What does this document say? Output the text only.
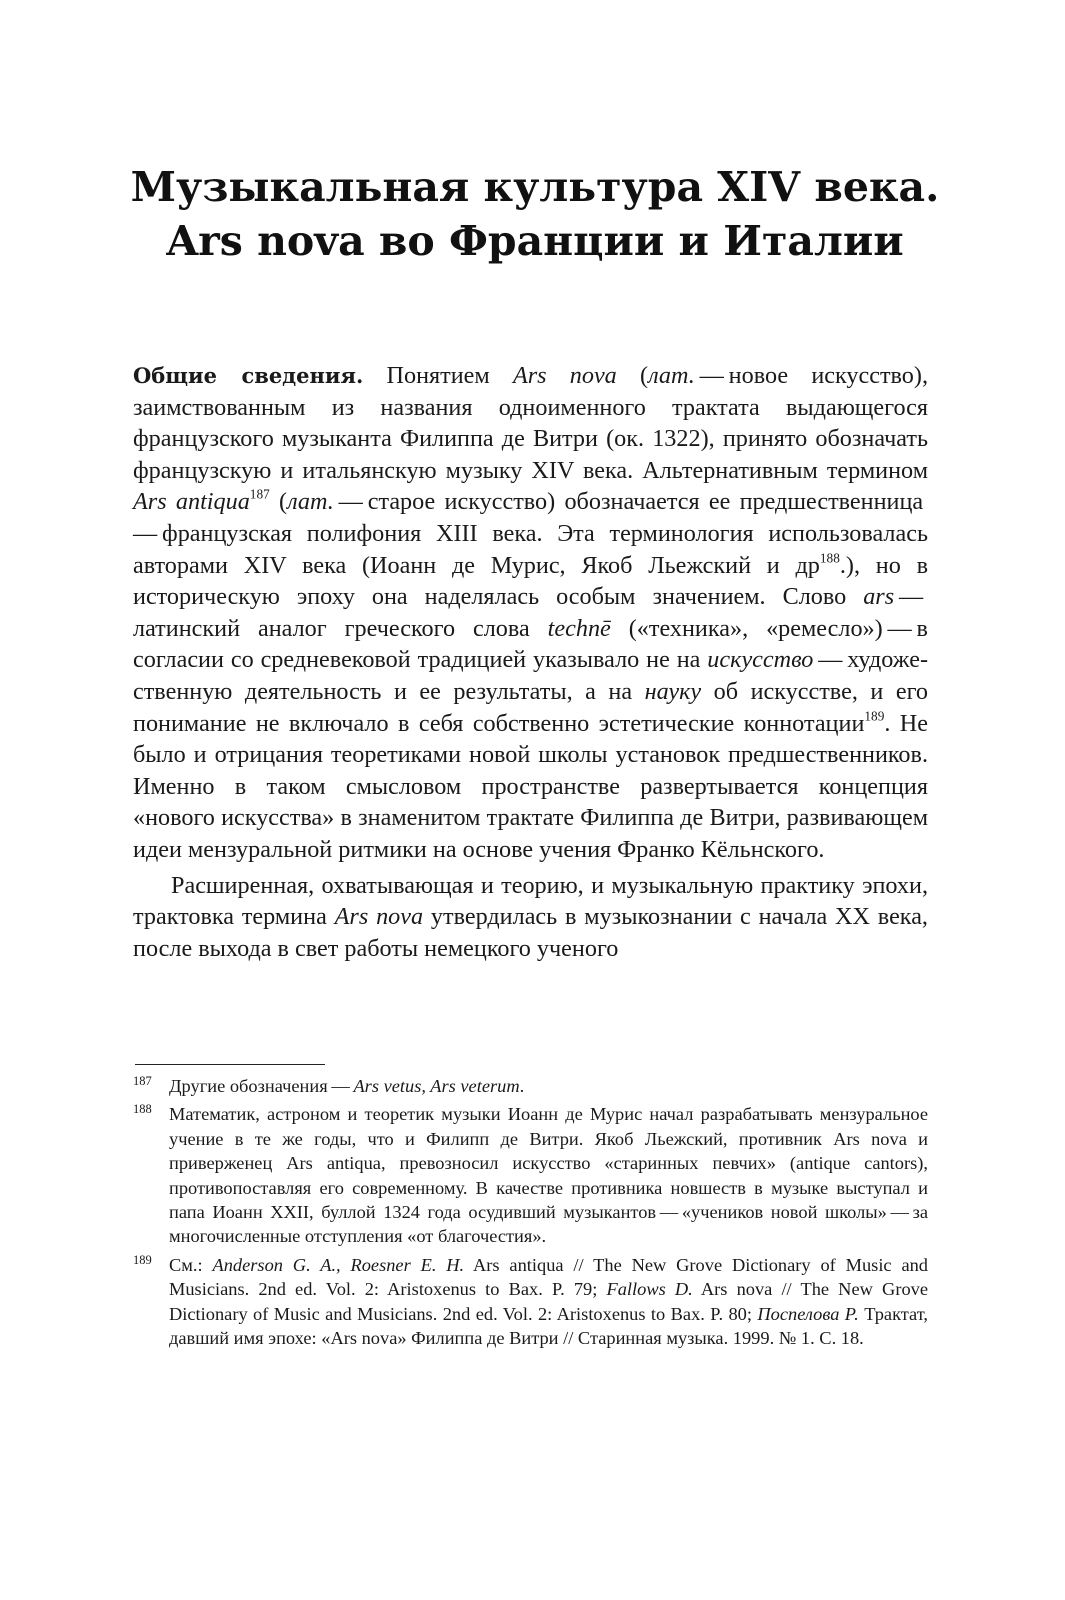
Музыкальная культура XIV века.
Ars nova во Франции и Италии

Общие сведения. Понятием Ars nova (лат. — новое искусство), заимствованным из названия одноименного трактата выдающегося французского музыканта Филиппа де Витри (ок. 1322), принято обозначать французскую и итальянскую музыку XIV века. Альтернативным термином Ars antiqua$^{187}$ (лат. — старое искусство) обозначается ее предшественница — французская полифония XIII века. Эта терминология использовалась авторами XIV века (Иоанн де Мурис, Якоб Льежский и $др^{188}$.), но в историческую эпоху она наделялась особым значением. Слово ars — латинский аналог греческого слова technē («техника», «ремесло») — в согласии со средневековой традицией указывало не на искусство — художественную деятельность и ее результаты, а на науку об искусстве, и его понимание не включало в себя собственно эстетические коннотации$^{189}$. Не было и отрицания теоретиками новой школы установок предшественников. Именно в таком смысловом пространстве развертывается концепция «нового искусства» в знаменитом трактате Филиппа де Витри, развивающем идеи мензуральной ритмики на основе учения Франко Кёльнского.

Расширенная, охватывающая и теорию, и музыкальную практику эпохи, трактовка термина Ars nova утвердилась в музыкознании с начала XX века, после выхода в свет работы немецкого ученого

187 Другие обозначения — Ars vetus, Ars veterum.
188 Математик, астроном и теоретик музыки Иоанн де Мурис начал разрабатывать мензуральное учение в те же годы, что и Филипп де Витри. Якоб Льежский, противник Ars nova и приверженец Ars antiqua, превозносил искусство «старинных певчих» (antique cantors), противопоставляя его современному. В качестве противника новшеств в музыке выступал и папа Иоанн XXII, буллой 1324 года осудивший музыкантов — «учеников новой школы» — за многочисленные отступления «от благочестия».
189 См.: Anderson G. A., Roesner E. H. Ars antiqua // The New Grove Dictionary of Music and Musicians. 2nd ed. Vol. 2: Aristoxenus to Bax. P. 79; Fallows D. Ars nova // The New Grove Dictionary of Music and Musicians. 2nd ed. Vol. 2: Aristoxenus to Bax. P. 80; Поспелова Р. Трактат, давший имя эпохе: «Ars nova» Филиппа де Витри // Старинная музыка. 1999. № 1. С. 18.
